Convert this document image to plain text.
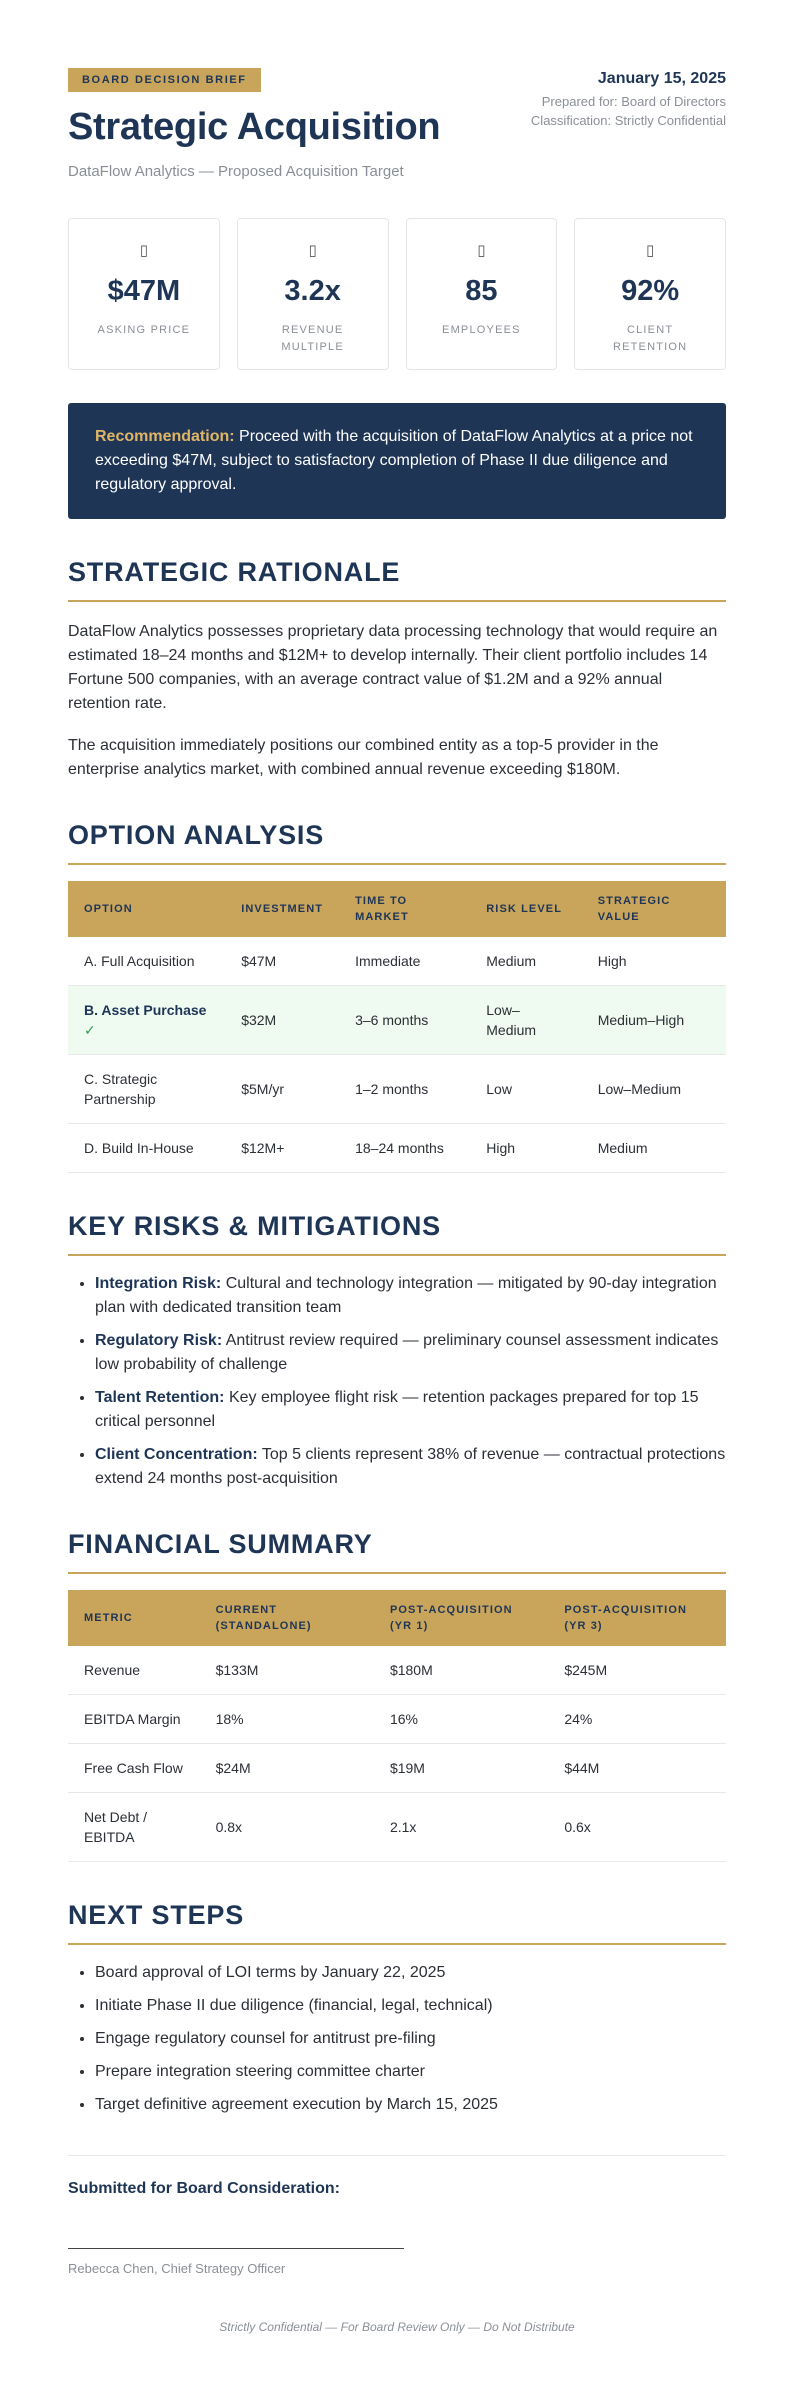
BOARD DECISION BRIEF
Strategic Acquisition
DataFlow Analytics — Proposed Acquisition Target
January 15, 2025
Prepared for: Board of Directors
Classification: Strictly Confidential
▯
$47M
ASKING PRICE
▯
3.2x
REVENUE MULTIPLE
▯
85
EMPLOYEES
▯
92%
CLIENT RETENTION
Recommendation: Proceed with the acquisition of DataFlow Analytics at a price not exceeding $47M, subject to satisfactory completion of Phase II due diligence and regulatory approval.
STRATEGIC RATIONALE

DataFlow Analytics possesses proprietary data processing technology that would require an estimated 18–24 months and $12M+ to develop internally. Their client portfolio includes 14 Fortune 500 companies, with an average contract value of $1.2M and a 92% annual retention rate.

The acquisition immediately positions our combined entity as a top-5 provider in the enterprise analytics market, with combined annual revenue exceeding $180M.

OPTION ANALYSIS
OPTION	INVESTMENT	TIME TO MARKET	RISK LEVEL	STRATEGIC VALUE
A. Full Acquisition	$47M	Immediate	Medium	High
B. Asset Purchase ✓	$32M	3–6 months	Low–Medium	Medium–High
C. Strategic Partnership	$5M/yr	1–2 months	Low	Low–Medium
D. Build In-House	$12M+	18–24 months	High	Medium
KEY RISKS & MITIGATIONS
• Integration Risk: Cultural and technology integration — mitigated by 90-day integration plan with dedicated transition team
• Regulatory Risk: Antitrust review required — preliminary counsel assessment indicates low probability of challenge
• Talent Retention: Key employee flight risk — retention packages prepared for top 15 critical personnel
• Client Concentration: Top 5 clients represent 38% of revenue — contractual protections extend 24 months post-acquisition
FINANCIAL SUMMARY
METRIC	CURRENT (STANDALONE)	POST-ACQUISITION (YR 1)	POST-ACQUISITION (YR 3)
Revenue	$133M	$180M	$245M
EBITDA Margin	18%	16%	24%
Free Cash Flow	$24M	$19M	$44M
Net Debt / EBITDA	0.8x	2.1x	0.6x
NEXT STEPS
• Board approval of LOI terms by January 22, 2025
• Initiate Phase II due diligence (financial, legal, technical)
• Engage regulatory counsel for antitrust pre-filing
• Prepare integration steering committee charter
• Target definitive agreement execution by March 15, 2025
Submitted for Board Consideration:
Rebecca Chen, Chief Strategy Officer
Strictly Confidential — For Board Review Only — Do Not Distribute
